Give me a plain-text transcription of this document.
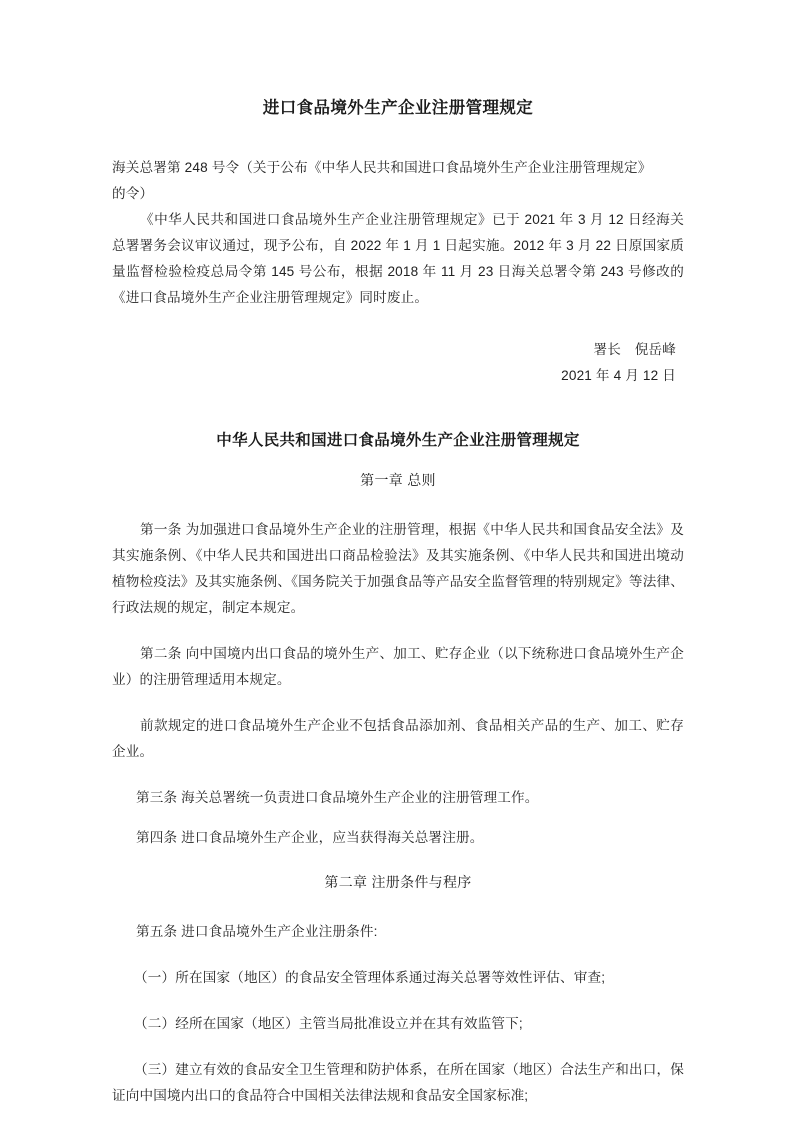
进口食品境外生产企业注册管理规定

海关总署第 248 号令（关于公布《中华人民共和国进口食品境外生产企业注册管理规定》

的令）

《中华人民共和国进口食品境外生产企业注册管理规定》已于 2021 年 3 月 12 日经海关总署署务会议审议通过，现予公布，自 2022 年 1 月 1 日起实施。2012 年 3 月 22 日原国家质量监督检验检疫总局令第 145 号公布，根据 2018 年 11 月 23 日海关总署令第 243 号修改的《进口食品境外生产企业注册管理规定》同时废止。

署长　倪岳峰

2021 年 4 月 12 日

中华人民共和国进口食品境外生产企业注册管理规定
第一章 总则

第一条 为加强进口食品境外生产企业的注册管理，根据《中华人民共和国食品安全法》及其实施条例、《中华人民共和国进出口商品检验法》及其实施条例、《中华人民共和国进出境动植物检疫法》及其实施条例、《国务院关于加强食品等产品安全监督管理的特别规定》等法律、行政法规的规定，制定本规定。

第二条 向中国境内出口食品的境外生产、加工、贮存企业（以下统称进口食品境外生产企业）的注册管理适用本规定。

前款规定的进口食品境外生产企业不包括食品添加剂、食品相关产品的生产、加工、贮存企业。

第三条 海关总署统一负责进口食品境外生产企业的注册管理工作。

第四条 进口食品境外生产企业，应当获得海关总署注册。

第二章 注册条件与程序

第五条 进口食品境外生产企业注册条件:

（一）所在国家（地区）的食品安全管理体系通过海关总署等效性评估、审查;

（二）经所在国家（地区）主管当局批准设立并在其有效监管下;

（三）建立有效的食品安全卫生管理和防护体系，在所在国家（地区）合法生产和出口，保证向中国境内出口的食品符合中国相关法律法规和食品安全国家标准;
